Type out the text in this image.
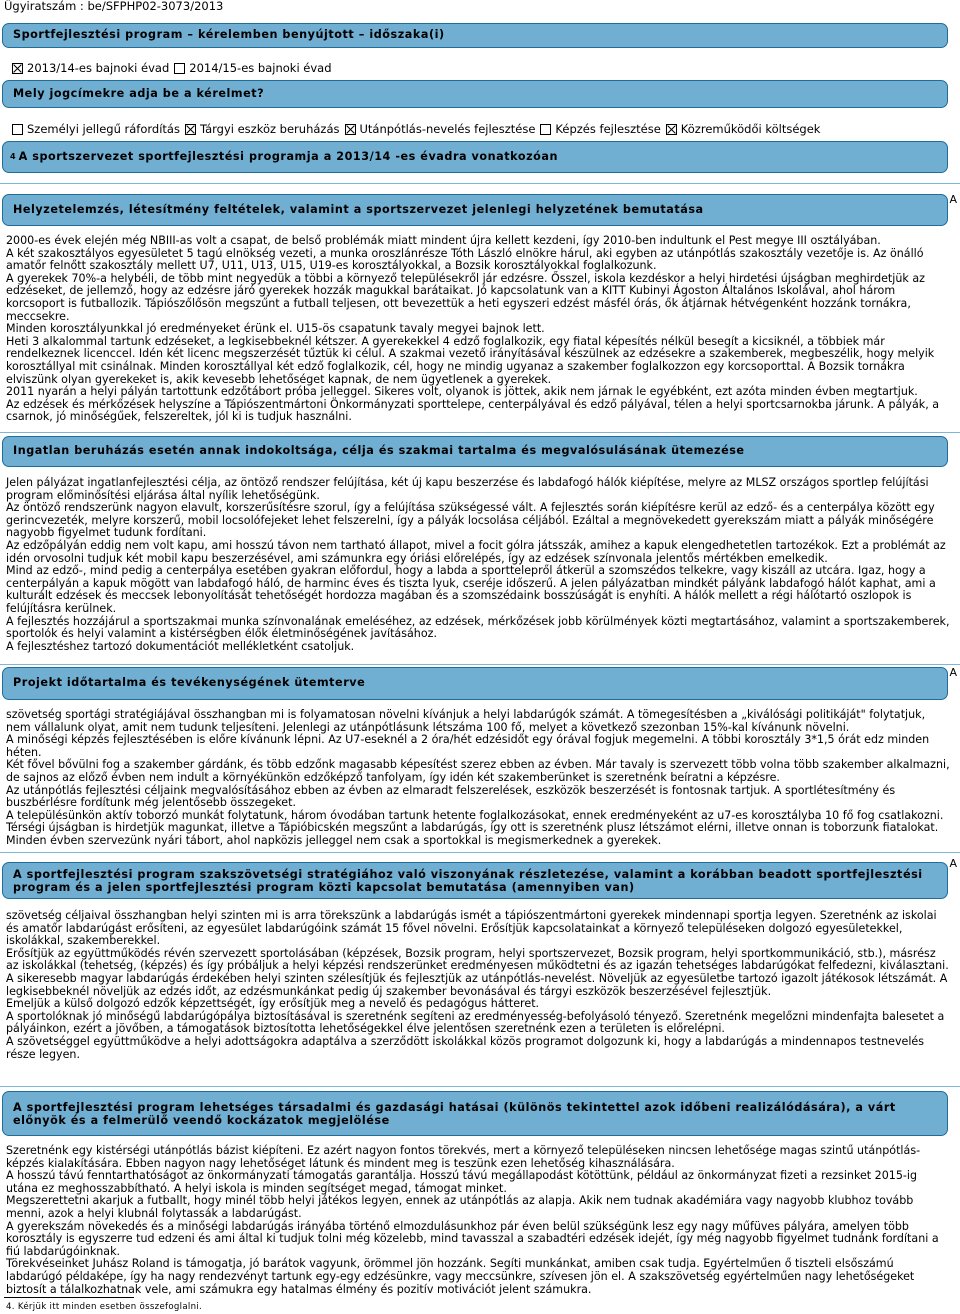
Ügyiratszám : be/SFPHP02-3073/2013
Sportfejlesztési program – kérelemben benyújtott – időszaka(i)
2013/14-es bajnoki évad 2014/15-es bajnoki évad
Mely jogcímekre adja be a kérelmet?
Személyi jellegű ráfordítás Tárgyi eszköz beruházás Utánpótlás-nevelés fejlesztése Képzés fejlesztése Közreműködői költségek
4 A sportszervezet sportfejlesztési programja a 2013/14 -es évadra vonatkozóan
Helyzetelemzés, létesítmény feltételek, valamint a sportszervezet jelenlegi helyzetének bemutatása
A
2000-es évek elején még NBIII-as volt a csapat, de belső problémák miatt mindent újra kellett kezdeni, így 2010-ben indultunk el Pest megye III osztályában.
A két szakosztályos egyesületet 5 tagú elnökség vezeti, a munka oroszlánrésze Tóth László elnökre hárul, aki egyben az utánpótlás szakosztály vezetője is. Az önálló amatőr felnőtt szakosztály mellett U7, U11, U13, U15, U19-es korosztályokkal, a Bozsik korosztályokkal foglalkozunk.
A gyerekek 70%-a helybéli, de több mint negyedük a többi a környező településekről jár edzésre. Ősszel, iskola kezdéskor a helyi hirdetési újságban meghirdetjük az edzéseket, de jellemző, hogy az edzésre járó gyerekek hozzák magukkal barátaikat. Jó kapcsolatunk van a KITT Kubinyi Ágoston Általános Iskolával, ahol három korcsoport is futballozik. Tápiószőlősön megszűnt a futball teljesen, ott bevezettük a heti egyszeri edzést másfél órás, ők átjárnak hétvégenként hozzánk tornákra, meccsekre.
Minden korosztályunkkal jó eredményeket érünk el. U15-ös csapatunk tavaly megyei bajnok lett.
Heti 3 alkalommal tartunk edzéseket, a legkisebbeknél kétszer. A gyerekekkel 4 edző foglalkozik, egy fiatal képesítés nélkül besegít a kicsiknél, a többiek már rendelkeznek licenccel. Idén két licenc megszerzését tűztük ki célul. A szakmai vezető irányításával készülnek az edzésekre a szakemberek, megbeszélik, hogy melyik korosztállyal mit csinálnak. Minden korosztállyal két edző foglalkozik, cél, hogy ne mindig ugyanaz a szakember foglalkozzon egy korcsoporttal. A Bozsik tornákra elviszünk olyan gyerekeket is, akik kevesebb lehetőséget kapnak, de nem ügyetlenek a gyerekek.
2011 nyarán a helyi pályán tartottunk edzőtábort próba jelleggel. Sikeres volt, olyanok is jöttek, akik nem járnak le egyébként, ezt azóta minden évben megtartjuk.
Az edzések és mérkőzések helyszíne a Tápiószentmártoni Önkormányzati sporttelepe, centerpályával és edző pályával, télen a helyi sportcsarnokba járunk. A pályák, a csarnok, jó minőségűek, felszereltek, jól ki is tudjuk használni.
Ingatlan beruházás esetén annak indokoltsága, célja és szakmai tartalma és megvalósulásának ütemezése
Jelen pályázat ingatlanfejlesztési célja, az öntöző rendszer felújítása, két új kapu beszerzése és labdafogó hálók kiépítése, melyre az MLSZ országos sportlep felújítási program előminősítési eljárása által nyílik lehetőségünk.
Az öntöző rendszerünk nagyon elavult, korszerűsítésre szorul, így a felújítása szükségessé vált. A fejlesztés során kiépítésre kerül az edző- és a centerpálya között egy gerincvezeték, melyre korszerű, mobil locsolófejeket lehet felszerelni, így a pályák locsolása céljából. Ezáltal a megnövekedett gyerekszám miatt a pályák minőségére nagyobb figyelmet tudunk fordítani.
Az edzőpályán eddig nem volt kapu, ami hosszú távon nem tartható állapot, mivel a focit gólra játsszák, amihez a kapuk elengedhetetlen tartozékok. Ezt a problémát az idén orvosolni tudjuk két mobil kapu beszerzésével, ami számunkra egy óriási előrelépés, így az edzések színvonala jelentős mértékben emelkedik.
Mind az edző-, mind pedig a centerpálya esetében gyakran előfordul, hogy a labda a sporttelepről átkerül a szomszédos telkekre, vagy kiszáll az utcára. Igaz, hogy a centerpályán a kapuk mögött van labdafogó háló, de harminc éves és tiszta lyuk, cseréje időszerű. A jelen pályázatban mindkét pályánk labdafogó hálót kaphat, ami a kulturált edzések és meccsek lebonyolítását tehetőségét hordozza magában és a szomszédaink bosszúságát is enyhíti. A hálók mellett a régi hálótartó oszlopok is felújításra kerülnek.
A fejlesztés hozzájárul a sportszakmai munka színvonalának emeléséhez, az edzések, mérkőzések jobb körülmények közti megtartásához, valamint a sportszakemberek, sportolók és helyi valamint a kistérségben élők életminőségének javításához.
A fejlesztéshez tartozó dokumentációt mellékletként csatoljuk.
Projekt időtartalma és tevékenységének ütemterve
A
szövetség sportági stratégiájával összhangban mi is folyamatosan növelni kívánjuk a helyi labdarúgók számát. A tömegesítésben a „kiválósági politikáját" folytatjuk, nem vállalunk olyat, amit nem tudunk teljesíteni. Jelenlegi az utánpótlásunk létszáma 100 fő, melyet a következő szezonban 15%-kal kívánunk növelni.
A minőségi képzés fejlesztésében is előre kívánunk lépni. Az U7-eseknél a 2 óra/hét edzésidőt egy órával fogjuk megemelni. A többi korosztály 3*1,5 órát edz minden héten.
Két fővel bővülni fog a szakember gárdánk, és több edzőnk magasabb képesítést szerez ebben az évben. Már tavaly is szervezett több volna több szakember alkalmazni, de sajnos az előző évben nem indult a környékünkön edzőképző tanfolyam, így idén két szakemberünket is szeretnénk beíratni a képzésre.
Az utánpótlás fejlesztési céljaink megvalósításához ebben az évben az elmaradt felszerelések, eszközök beszerzését is fontosnak tartjuk. A sportlétesítmény és buszbérlésre fordítunk még jelentősebb összegeket.
A településünkön aktív toborzó munkát folytatunk, három óvodában tartunk hetente foglalkozásokat, ennek eredményeként az u7-es korosztályba 10 fő fog csatlakozni. Térségi újságban is hirdetjük magunkat, illetve a Tápióbicskén megszűnt a labdarúgás, így ott is szeretnénk plusz létszámot elérni, illetve onnan is toborzunk fiatalokat.
Minden évben szervezünk nyári tábort, ahol napközis jelleggel nem csak a sportokkal is megismerkednek a gyerekek.
A sportfejlesztési program szakszövetségi stratégiához való viszonyának részletezése, valamint a korábban beadott sportfejlesztési program és a jelen sportfejlesztési program közti kapcsolat bemutatása (amennyiben van)
A
szövetség céljaival összhangban helyi szinten mi is arra törekszünk a labdarúgás ismét a tápiószentmártoni gyerekek mindennapi sportja legyen. Szeretnénk az iskolai és amatőr labdarúgást erősíteni, az egyesület labdarúgóink számát 15 fővel növelni. Erősítjük kapcsolatainkat a környező településeken dolgozó egyesületekkel, iskolákkal, szakemberekkel.
Erősítjük az együttműködés révén szervezett sportolásában (képzések, Bozsik program, helyi sportszervezet, Bozsik program, helyi sportkommunikáció, stb.), másrész az iskolákkal (tehetség, (képzés) és így próbáljuk a helyi képzési rendszerünket eredményesen működtetni és az igazán tehetséges labdarúgókat felfedezni, kiválasztani.
A sikeresebb magyar labdarúgás érdekében helyi szinten szélesítjük és fejlesztjük az utánpótlás-nevelést. Növeljük az egyesületbe tartozó igazolt játékosok létszámát. A legkisebbeknél növeljük az edzés időt, az edzésmunkánkat pedig új szakember bevonásával és tárgyi eszközök beszerzésével fejlesztjük.
Emeljük a külső dolgozó edzők képzettségét, így erősítjük meg a nevelő és pedagógus hátteret.
A sportolóknak jó minőségű labdarúgópálya biztosításával is szeretnénk segíteni az eredményesség-befolyásoló tényező. Szeretnénk megelőzni mindenfajta balesetet a pályáinkon, ezért a jövőben, a támogatások biztosította lehetőségekkel élve jelentősen szeretnénk ezen a területen is előrelépni.
A szövetséggel együttműködve a helyi adottságokra adaptálva a szerződött iskolákkal közös programot dolgozunk ki, hogy a labdarúgás a mindennapos testnevelés része legyen.
A sportfejlesztési program lehetséges társadalmi és gazdasági hatásai (különös tekintettel azok időbeni realizálódására), a várt előnyök és a felmerülő veendő kockázatok megjelölése
Szeretnénk egy kistérségi utánpótlás bázist kiépíteni. Ez azért nagyon fontos törekvés, mert a környező településeken nincsen lehetősége magas szintű utánpótlás-képzés kialakítására. Ebben nagyon nagy lehetőséget látunk és mindent meg is teszünk ezen lehetőség kihasználására.
A hosszú távú fenntarthatóságot az önkormányzati támogatás garantálja. Hosszú távú megállapodást kötöttünk, például az önkormányzat fizeti a rezsinket 2015-ig utána ez meghosszabbítható. A helyi iskola is minden segítséget megad, támogat minket.
Megszerettetni akarjuk a futballt, hogy minél több helyi játékos legyen, ennek az utánpótlás az alapja. Akik nem tudnak akadémiára vagy nagyobb klubhoz tovább menni, azok a helyi klubnál folytassák a labdarúgást.
A gyerekszám növekedés és a minőségi labdarúgás irányába történő elmozdulásunkhoz pár éven belül szükségünk lesz egy nagy műfüves pályára, amelyen több korosztály is egyszerre tud edzeni és ami által ki tudjuk tolni még közelebb, mind tavasszal a szabadtéri edzések idejét, így még nagyobb figyelmet tudnánk fordítani a fiú labdarúgóinknak.
Törekvéseinket Juhász Roland is támogatja, jó barátok vagyunk, örömmel jön hozzánk. Segíti munkánkat, amiben csak tudja. Egyértelműen ő tiszteli elsőszámú labdarúgó példaképe, így ha nagy rendezvényt tartunk egy-egy edzésünkre, vagy meccsünkre, szívesen jön el. A szakszövetség egyértelműen nagy lehetőségeket biztosít a tálalkozhatnak vele, ami számukra egy hatalmas élmény és pozitív motivációt jelent számukra.
4. Kérjük itt minden esetben összefoglalni.
